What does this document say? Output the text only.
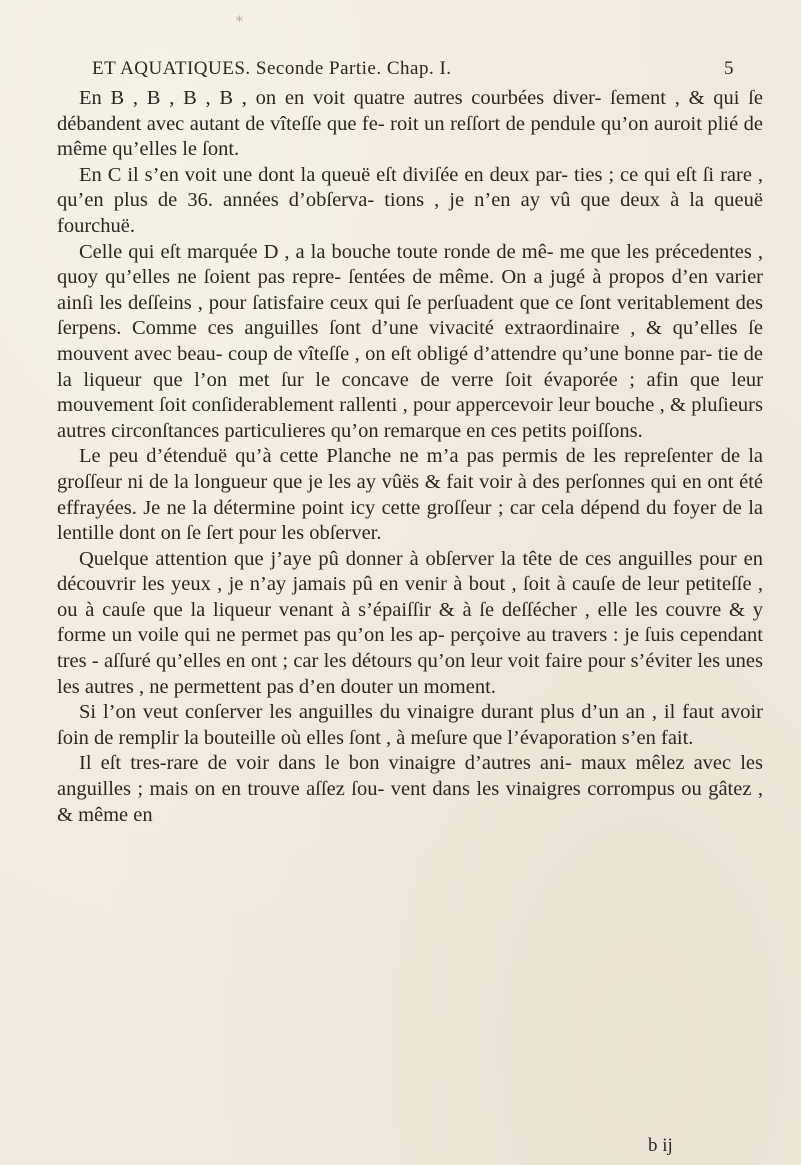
*
ET AQUATIQUES. Seconde Partie. Chap. I.	5

En B , B , B , B , on en voit quatre autres courbées diver- ſement , & qui ſe débandent avec autant de vîteſſe que fe- roit un reſſort de pendule qu’on auroit plié de même qu’elles le ſont.

En C il s’en voit une dont la queuë eſt diviſée en deux par- ties ; ce qui eſt ſi rare , qu’en plus de 36. années d’obſerva- tions , je n’en ay vû que deux à la queuë fourchuë.

Celle qui eſt marquée D , a la bouche toute ronde de mê- me que les précedentes , quoy qu’elles ne ſoient pas repre- ſentées de même. On a jugé à propos d’en varier ainſi les deſſeins , pour ſatisfaire ceux qui ſe perſuadent que ce ſont veritablement des ſerpens. Comme ces anguilles ſont d’une vivacité extraordinaire , & qu’elles ſe mouvent avec beau- coup de vîteſſe , on eſt obligé d’attendre qu’une bonne par- tie de la liqueur que l’on met ſur le concave de verre ſoit évaporée ; afin que leur mouvement ſoit conſiderablement rallenti , pour appercevoir leur bouche , & pluſieurs autres circonſtances particulieres qu’on remarque en ces petits poiſſons.

Le peu d’étenduë qu’à cette Planche ne m’a pas permis de les repreſenter de la groſſeur ni de la longueur que je les ay vûës & fait voir à des perſonnes qui en ont été effrayées. Je ne la détermine point icy cette groſſeur ; car cela dépend du foyer de la lentille dont on ſe ſert pour les obſerver.

Quelque attention que j’aye pû donner à obſerver la tête de ces anguilles pour en découvrir les yeux , je n’ay jamais pû en venir à bout , ſoit à cauſe de leur petiteſſe , ou à cauſe que la liqueur venant à s’épaiſſir & à ſe deſſécher , elle les couvre & y forme un voile qui ne permet pas qu’on les ap- perçoive au travers : je ſuis cependant tres - aſſuré qu’elles en ont ; car les détours qu’on leur voit faire pour s’éviter les unes les autres , ne permettent pas d’en douter un moment.

Si l’on veut conſerver les anguilles du vinaigre durant plus d’un an , il faut avoir ſoin de remplir la bouteille où elles ſont , à meſure que l’évaporation s’en fait.

Il eſt tres-rare de voir dans le bon vinaigre d’autres ani- maux mêlez avec les anguilles ; mais on en trouve aſſez ſou- vent dans les vinaigres corrompus ou gâtez , & même en

b ij
